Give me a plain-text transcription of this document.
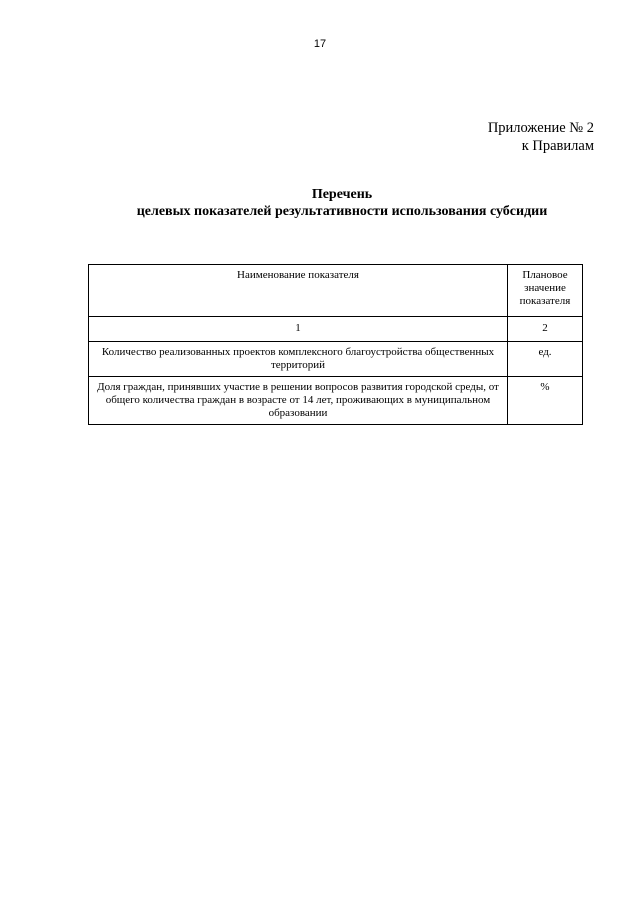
17
Приложение № 2
к Правилам
Перечень
целевых показателей результативности использования субсидии
Наименование показателя	Плановое значение показателя
1	2
Количество реализованных проектов комплексного благоустройства общественных территорий	ед.
Доля граждан, принявших участие в решении вопросов развития городской среды, от общего количества граждан в возрасте от 14 лет, проживающих в муниципальном образовании	%
